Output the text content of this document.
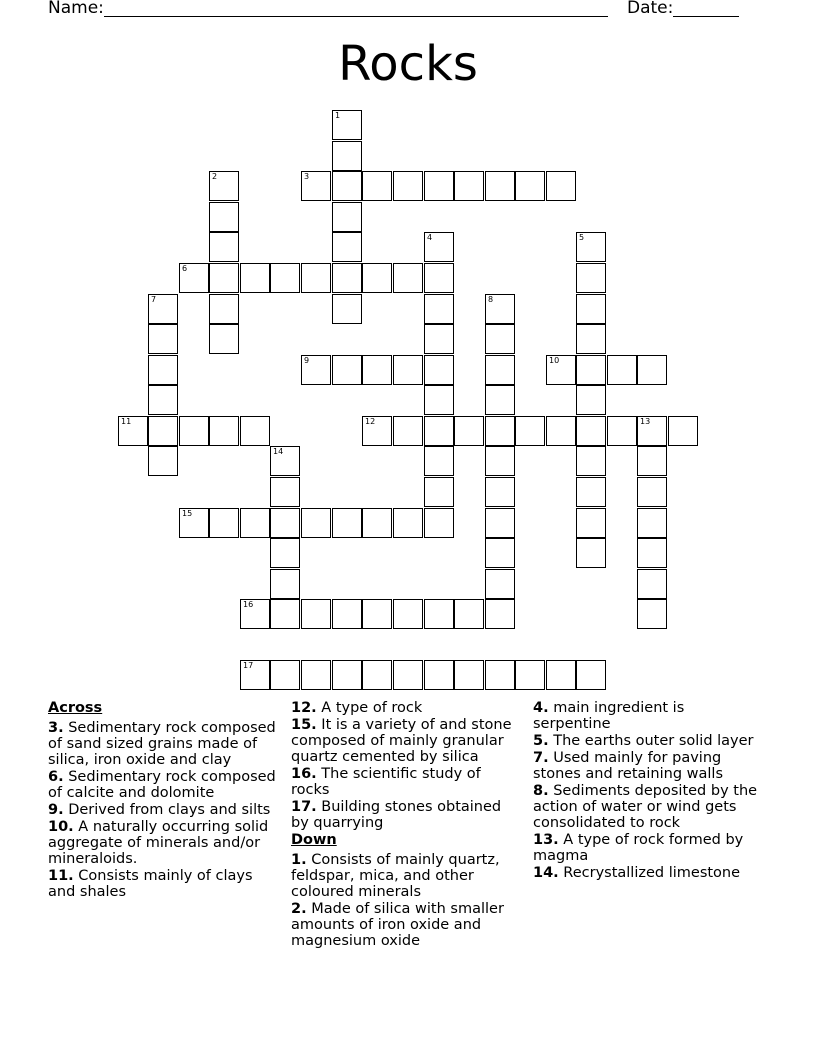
Name:	Date:
Rocks
1
2	3
4	5
6
7	8
9	10
11	12	13
14
15
16
17
Across
3. Sedimentary rock composed of sand sized grains made of silica, iron oxide and clay
6. Sedimentary rock composed of calcite and dolomite
9. Derived from clays and silts
10. A naturally occurring solid aggregate of minerals and/or mineraloids.
11. Consists mainly of clays and shales
12. A type of rock
15. It is a variety of and stone composed of mainly granular quartz cemented by silica
16. The scientific study of rocks
17. Building stones obtained by quarrying
Down
1. Consists of mainly quartz, feldspar, mica, and other coloured minerals
2. Made of silica with smaller amounts of iron oxide and magnesium oxide
4. main ingredient is serpentine
5. The earths outer solid layer
7. Used mainly for paving stones and retaining walls
8. Sediments deposited by the action of water or wind gets consolidated to rock
13. A type of rock formed by magma
14. Recrystallized limestone
